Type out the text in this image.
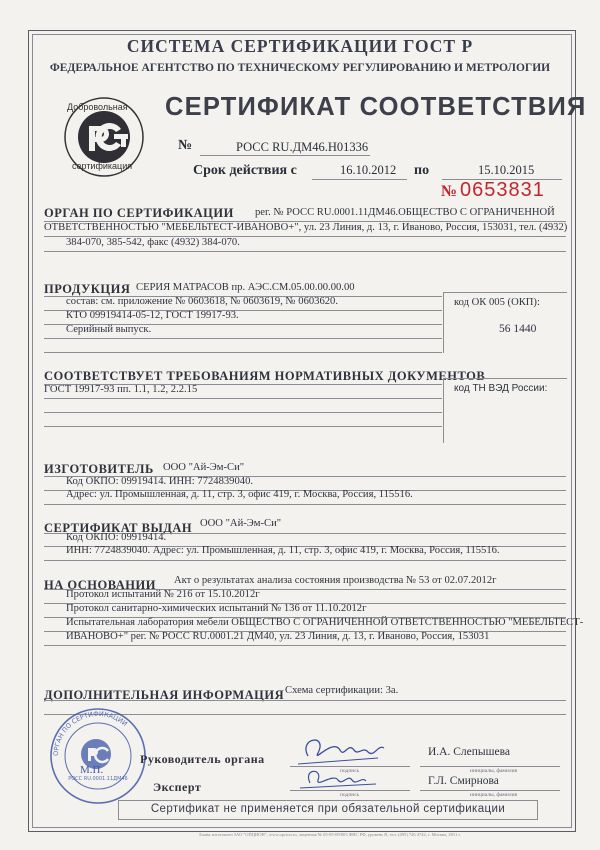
СИСТЕМА СЕРТИФИКАЦИИ ГОСТ Р
ФЕДЕРАЛЬНОЕ АГЕНТСТВО ПО ТЕХНИЧЕСКОМУ РЕГУЛИРОВАНИЮ И МЕТРОЛОГИИ
Добровольная
сертификация
СЕРТИФИКАТ СООТВЕТСТВИЯ
№	РОСС RU.ДМ46.Н01336
Срок действия с	16.10.2012 по	15.10.2015
№ 0653831
ОРГАН ПО СЕРТИФИКАЦИИ рег. № РОСС RU.0001.11ДМ46.ОБЩЕСТВО С ОГРАНИЧЕННОЙ
ОТВЕТСТВЕННОСТЬЮ "МЕБЕЛЬТЕСТ-ИВАНОВО+", ул. 23 Линия, д. 13, г. Иваново, Россия, 153031, тел. (4932)
384-070, 385-542, факс (4932) 384-070.
ПРОДУКЦИЯ СЕРИЯ МАТРАСОВ пр. АЭС.СМ.05.00.00.00.00
состав: см. приложение № 0603618, № 0603619, № 0603620.
КТО 09919414-05-12, ГОСТ 19917-93.
Серийный выпуск.
код ОК 005 (ОКП):
56 1440
СООТВЕТСТВУЕТ ТРЕБОВАНИЯМ НОРМАТИВНЫХ ДОКУМЕНТОВ
ГОСТ 19917-93 пп. 1.1, 1.2, 2.2.15	код ТН ВЭД России:
ИЗГОТОВИТЕЛЬ ООО "Ай-Эм-Си"
Код ОКПО: 09919414. ИНН: 7724839040.
Адрес: ул. Промышленная, д. 11, стр. 3, офис 419, г. Москва, Россия, 115516.
СЕРТИФИКАТ ВЫДАН ООО "Ай-Эм-Си"
Код ОКПО: 09919414.
ИНН: 7724839040. Адрес: ул. Промышленная, д. 11, стр. 3, офис 419, г. Москва, Россия, 115516.
НА ОСНОВАНИИ Акт о результатах анализа состояния производства № 53 от 02.07.2012г
Протокол испытаний № 216 от 15.10.2012г
Протокол санитарно-химических испытаний № 136 от 11.10.2012г
Испытательная лаборатория мебели ОБЩЕСТВО С ОГРАНИЧЕННОЙ ОТВЕТСТВЕННОСТЬЮ "МЕБЕЛЬТЕСТ-
ИВАНОВО+" рег. № РОСС RU.0001.21 ДМ40, ул. 23 Линия, д. 13, г. Иваново, Россия, 153031
ДОПОЛНИТЕЛЬНАЯ ИНФОРМАЦИЯ Схема сертификации: 3а.
ОРГАН ПО СЕРТИФИКАЦИИ
РОСС RU.0001.11ДМ46
М.П.
Руководитель органа
подпись
И.А. Слепышева
инициалы, фамилия
Эксперт
подпись
Г.Л. Смирнова
инициалы, фамилия
Сертификат не применяется при обязательной сертификации
Бланк изготовлен ЗАО "ОПЦИОН", www.opcion.ru, лицензия № 05-05-09/003 ФНС РФ, уровень В, тел. (495) 726 4742, г. Москва, 2011 г.
